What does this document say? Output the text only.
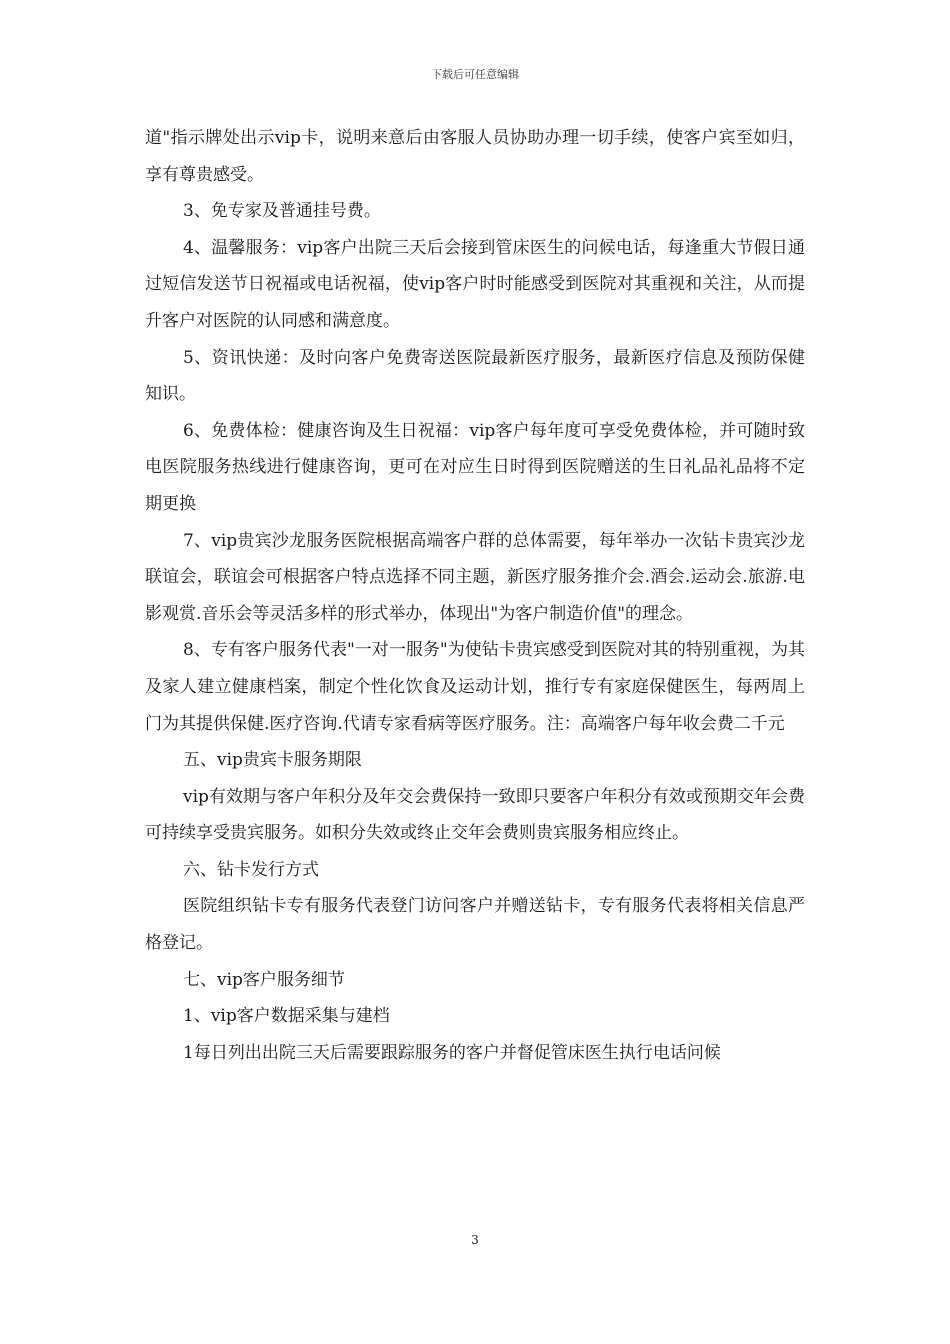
下载后可任意编辑

道"指示牌处出示vip卡，说明来意后由客服人员协助办理一切手续，使客户宾至如归，享有尊贵感受。

3、免专家及普通挂号费。

4、温馨服务：vip客户出院三天后会接到管床医生的问候电话，每逢重大节假日通过短信发送节日祝福或电话祝福，使vip客户时时能感受到医院对其重视和关注，从而提升客户对医院的认同感和满意度。

5、资讯快递：及时向客户免费寄送医院最新医疗服务，最新医疗信息及预防保健知识。

6、免费体检：健康咨询及生日祝福：vip客户每年度可享受免费体检，并可随时致电医院服务热线进行健康咨询，更可在对应生日时得到医院赠送的生日礼品礼品将不定期更换

7、vip贵宾沙龙服务医院根据高端客户群的总体需要，每年举办一次钻卡贵宾沙龙联谊会，联谊会可根据客户特点选择不同主题，新医疗服务推介会.酒会.运动会.旅游.电影观赏.音乐会等灵活多样的形式举办，体现出"为客户制造价值"的理念。

8、专有客户服务代表"一对一服务"为使钻卡贵宾感受到医院对其的特别重视，为其及家人建立健康档案，制定个性化饮食及运动计划，推行专有家庭保健医生，每两周上门为其提供保健.医疗咨询.代请专家看病等医疗服务。注：高端客户每年收会费二千元

五、vip贵宾卡服务期限

vip有效期与客户年积分及年交会费保持一致即只要客户年积分有效或预期交年会费可持续享受贵宾服务。如积分失效或终止交年会费则贵宾服务相应终止。

六、钻卡发行方式

医院组织钻卡专有服务代表登门访问客户并赠送钻卡，专有服务代表将相关信息严格登记。

七、vip客户服务细节

1、vip客户数据采集与建档

1每日列出出院三天后需要跟踪服务的客户并督促管床医生执行电话问候

3
